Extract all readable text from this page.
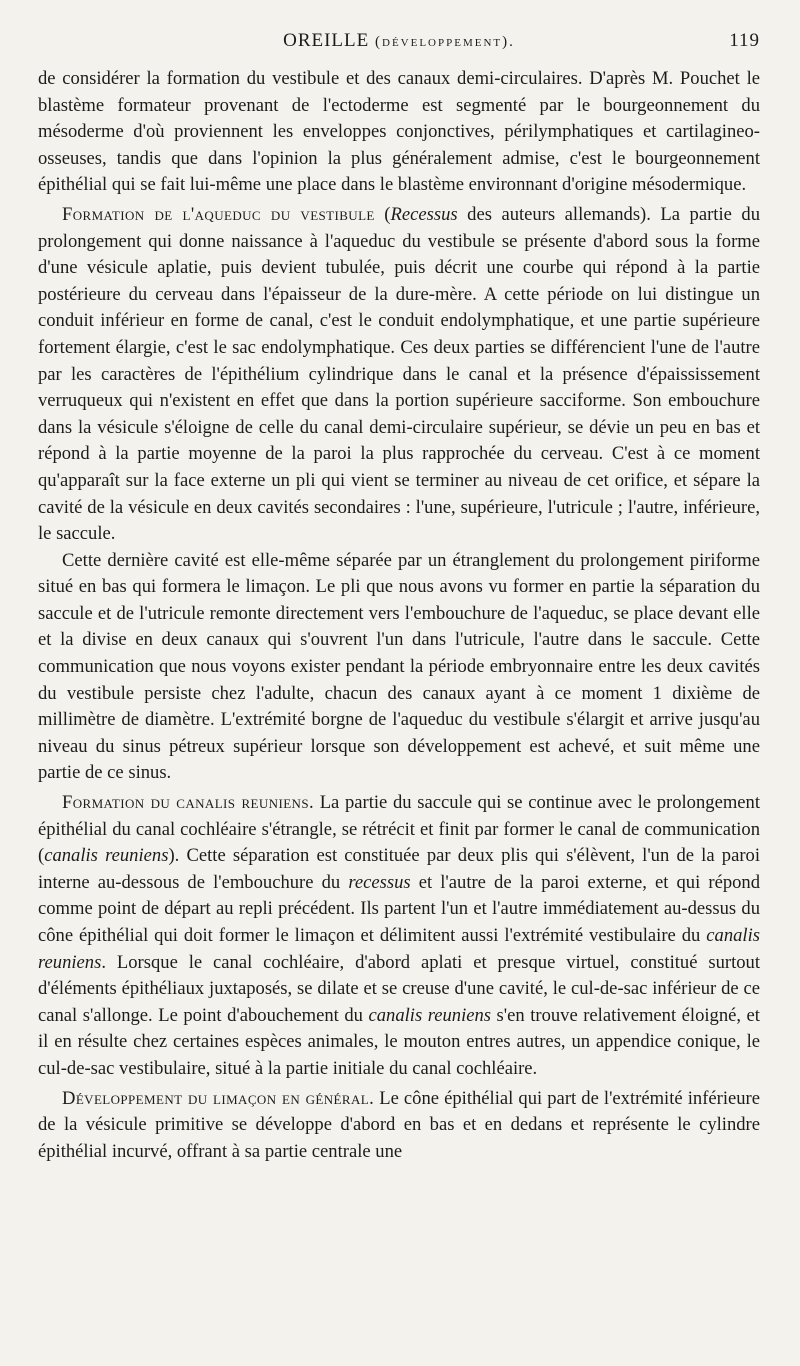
OREILLE (développement).	119

de considérer la formation du vestibule et des canaux demi-circulaires. D'après M. Pouchet le blastème formateur provenant de l'ectoderme est segmenté par le bourgeonnement du mésoderme d'où proviennent les enveloppes conjonctives, périlymphatiques et cartilagineo-osseuses, tandis que dans l'opinion la plus généralement admise, c'est le bourgeonnement épithélial qui se fait lui-même une place dans le blastème environnant d'origine mésodermique.

Formation de l'aqueduc du vestibule (Recessus des auteurs allemands). La partie du prolongement qui donne naissance à l'aqueduc du vestibule se présente d'abord sous la forme d'une vésicule aplatie, puis devient tubulée, puis décrit une courbe qui répond à la partie postérieure du cerveau dans l'épaisseur de la dure-mère. A cette période on lui distingue un conduit inférieur en forme de canal, c'est le conduit endolymphatique, et une partie supérieure fortement élargie, c'est le sac endolymphatique. Ces deux parties se différencient l'une de l'autre par les caractères de l'épithélium cylindrique dans le canal et la présence d'épaississement verruqueux qui n'existent en effet que dans la portion supérieure sacciforme. Son embouchure dans la vésicule s'éloigne de celle du canal demi-circulaire supérieur, se dévie un peu en bas et répond à la partie moyenne de la paroi la plus rapprochée du cerveau. C'est à ce moment qu'apparaît sur la face externe un pli qui vient se terminer au niveau de cet orifice, et sépare la cavité de la vésicule en deux cavités secondaires : l'une, supérieure, l'utricule ; l'autre, inférieure, le saccule.

Cette dernière cavité est elle-même séparée par un étranglement du prolongement piriforme situé en bas qui formera le limaçon. Le pli que nous avons vu former en partie la séparation du saccule et de l'utricule remonte directement vers l'embouchure de l'aqueduc, se place devant elle et la divise en deux canaux qui s'ouvrent l'un dans l'utricule, l'autre dans le saccule. Cette communication que nous voyons exister pendant la période embryonnaire entre les deux cavités du vestibule persiste chez l'adulte, chacun des canaux ayant à ce moment 1 dixième de millimètre de diamètre. L'extrémité borgne de l'aqueduc du vestibule s'élargit et arrive jusqu'au niveau du sinus pétreux supérieur lorsque son développement est achevé, et suit même une partie de ce sinus.

Formation du canalis reuniens. La partie du saccule qui se continue avec le prolongement épithélial du canal cochléaire s'étrangle, se rétrécit et finit par former le canal de communication (canalis reuniens). Cette séparation est constituée par deux plis qui s'élèvent, l'un de la paroi interne au-dessous de l'embouchure du recessus et l'autre de la paroi externe, et qui répond comme point de départ au repli précédent. Ils partent l'un et l'autre immédiatement au-dessus du cône épithélial qui doit former le limaçon et délimitent aussi l'extrémité vestibulaire du canalis reuniens. Lorsque le canal cochléaire, d'abord aplati et presque virtuel, constitué surtout d'éléments épithéliaux juxtaposés, se dilate et se creuse d'une cavité, le cul-de-sac inférieur de ce canal s'allonge. Le point d'abouchement du canalis reuniens s'en trouve relativement éloigné, et il en résulte chez certaines espèces animales, le mouton entres autres, un appendice conique, le cul-de-sac vestibulaire, situé à la partie initiale du canal cochléaire.

Développement du limaçon en général. Le cône épithélial qui part de l'extrémité inférieure de la vésicule primitive se développe d'abord en bas et en dedans et représente le cylindre épithélial incurvé, offrant à sa partie centrale une
